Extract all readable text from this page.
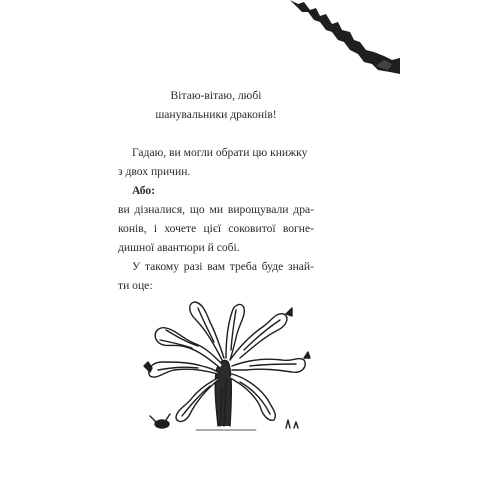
Вітаю-вітаю, любі
шанувальники драконів!

Гадаю, ви могли обрати цю книжку

з двох причин.

Або:

ви дізналися, що ми вирощували дра-
конів, і хочете цієї соковитої вогне-
дишної авантюри й собі.

У такому разі вам треба буде знай-

ти оце:
